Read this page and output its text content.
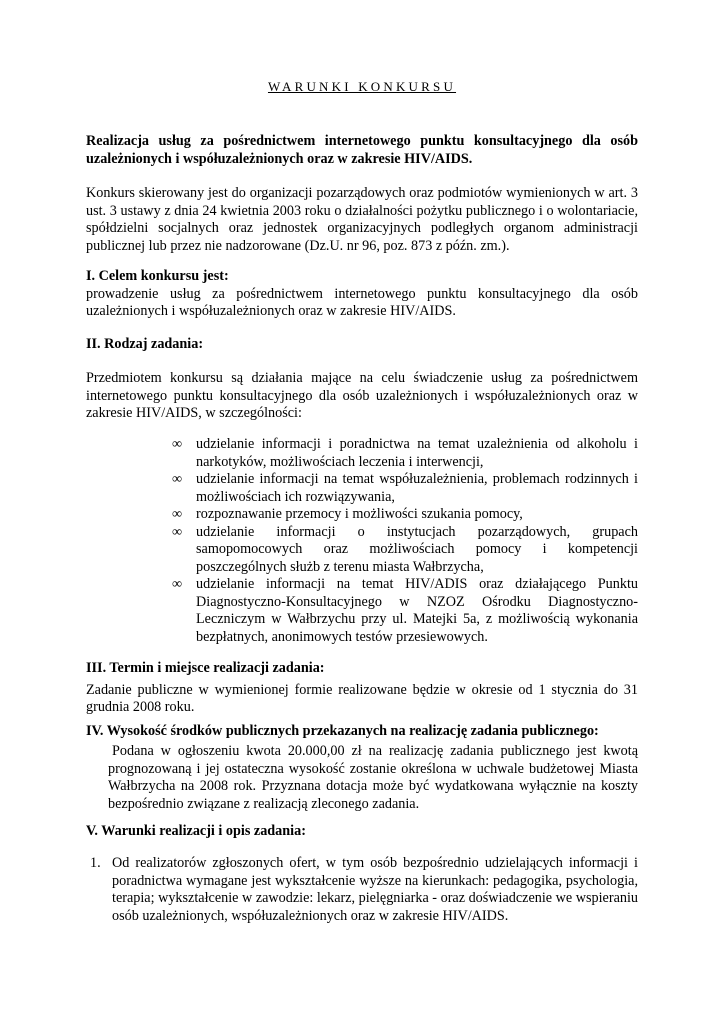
WARUNKI KONKURSU
Realizacja usług za pośrednictwem internetowego punktu konsultacyjnego dla osób uzależnionych i współuzależnionych oraz w zakresie HIV/AIDS.
Konkurs skierowany jest do organizacji pozarządowych oraz podmiotów wymienionych w art. 3 ust. 3 ustawy z dnia 24 kwietnia 2003 roku o działalności pożytku publicznego i o wolontariacie, spółdzielni socjalnych oraz jednostek organizacyjnych podległych organom administracji publicznej lub przez nie nadzorowane (Dz.U. nr 96, poz. 873 z późn. zm.).
I. Celem konkursu jest:
prowadzenie usług za pośrednictwem internetowego punktu konsultacyjnego dla osób uzależnionych i współuzależnionych oraz w zakresie HIV/AIDS.
II. Rodzaj zadania:
Przedmiotem konkursu są działania mające na celu świadczenie usług za pośrednictwem internetowego punktu konsultacyjnego dla osób uzależnionych i współuzależnionych oraz w zakresie HIV/AIDS, w szczególności:
∞ udzielanie informacji i poradnictwa na temat uzależnienia od alkoholu i narkotyków, możliwościach leczenia i interwencji,
∞ udzielanie informacji na temat współuzależnienia, problemach rodzinnych i możliwościach ich rozwiązywania,
∞ rozpoznawanie przemocy i możliwości szukania pomocy,
∞ udzielanie informacji o instytucjach pozarządowych, grupach samopomocowych oraz możliwościach pomocy i kompetencji poszczególnych służb z terenu miasta Wałbrzycha,
∞ udzielanie informacji na temat HIV/ADIS oraz działającego Punktu Diagnostyczno-Konsultacyjnego w NZOZ Ośrodku Diagnostyczno-Leczniczym w Wałbrzychu przy ul. Matejki 5a, z możliwością wykonania bezpłatnych, anonimowych testów przesiewowych.
III. Termin i miejsce realizacji zadania:
Zadanie publiczne w wymienionej formie realizowane będzie w okresie od 1 stycznia do 31 grudnia 2008 roku.
IV. Wysokość środków publicznych przekazanych na realizację zadania publicznego:
Podana w ogłoszeniu kwota 20.000,00 zł na realizację zadania publicznego jest kwotą prognozowaną i jej ostateczna wysokość zostanie określona w uchwale budżetowej Miasta Wałbrzycha na 2008 rok. Przyznana dotacja może być wydatkowana wyłącznie na koszty bezpośrednio związane z realizacją zleconego zadania.
V. Warunki realizacji i opis zadania:
1. Od realizatorów zgłoszonych ofert, w tym osób bezpośrednio udzielających informacji i poradnictwa wymagane jest wykształcenie wyższe na kierunkach: pedagogika, psychologia, terapia; wykształcenie w zawodzie: lekarz, pielęgniarka - oraz doświadczenie we wspieraniu osób uzależnionych, współuzależnionych oraz w zakresie HIV/AIDS.
